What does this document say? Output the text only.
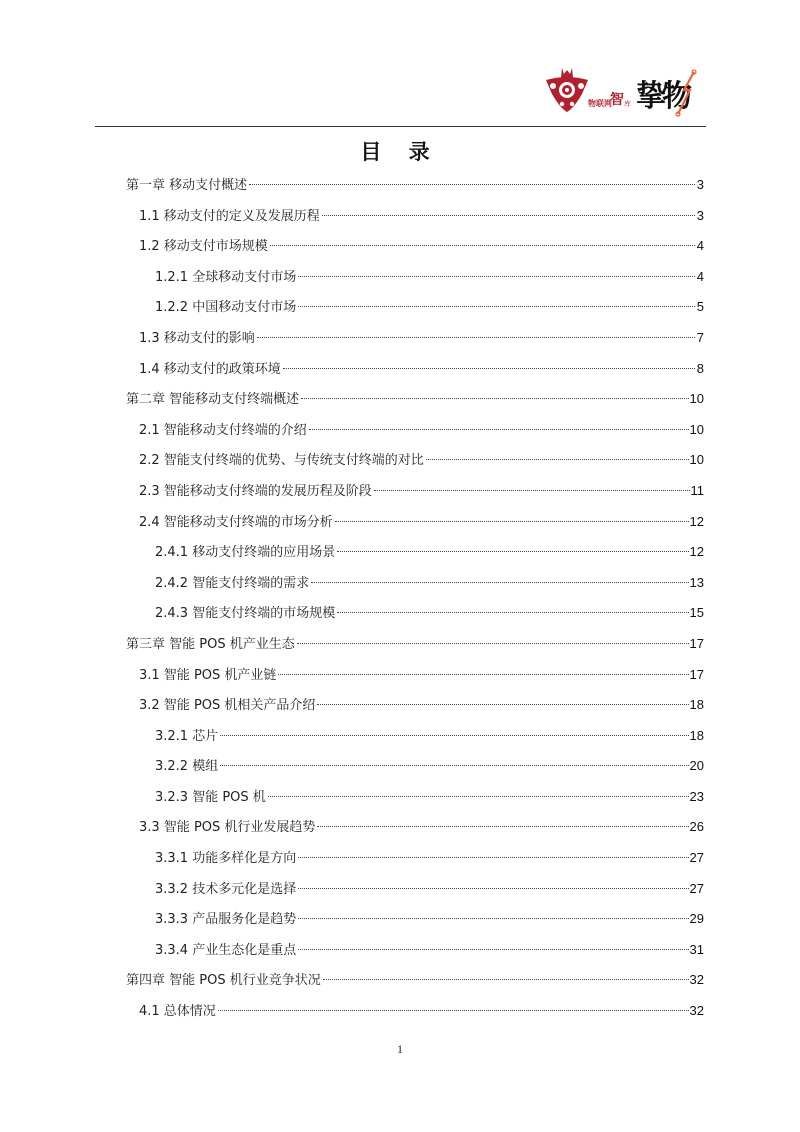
物联网
智 库 挚
物
目 录
第一章 移动支付概述	3
1.1 移动支付的定义及发展历程	3
1.2 移动支付市场规模	4
1.2.1 全球移动支付市场	4
1.2.2 中国移动支付市场	5
1.3 移动支付的影响	7
1.4 移动支付的政策环境	8
第二章 智能移动支付终端概述	10
2.1 智能移动支付终端的介绍	10
2.2 智能支付终端的优势、与传统支付终端的对比	10
2.3 智能移动支付终端的发展历程及阶段	11
2.4 智能移动支付终端的市场分析	12
2.4.1 移动支付终端的应用场景	12
2.4.2 智能支付终端的需求	13
2.4.3 智能支付终端的市场规模	15
第三章 智能 POS 机产业生态	17
3.1 智能 POS 机产业链	17
3.2 智能 POS 机相关产品介绍	18
3.2.1 芯片	18
3.2.2 模组	20
3.2.3 智能 POS 机	23
3.3 智能 POS 机行业发展趋势	26
3.3.1 功能多样化是方向	27
3.3.2 技术多元化是选择	27
3.3.3 产品服务化是趋势	29
3.3.4 产业生态化是重点	31
第四章 智能 POS 机行业竞争状况	32
4.1 总体情况	32
1
